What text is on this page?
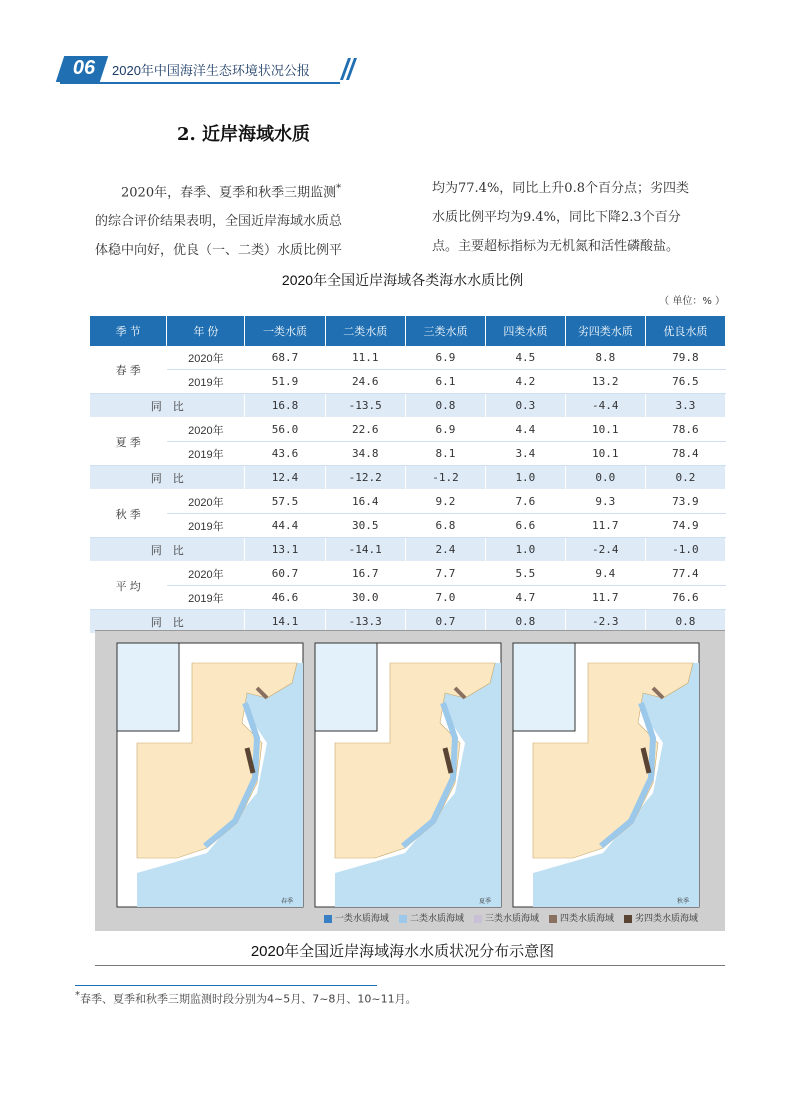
06	2020年中国海洋生态环境状况公报
2. 近岸海域水质

2020年，春季、夏季和秋季三期监测*

的综合评价结果表明，全国近岸海域水质总

体稳中向好，优良（一、二类）水质比例平

均为77.4%，同比上升0.8个百分点；劣四类

水质比例平均为9.4%，同比下降2.3个百分

点。主要超标指标为无机氮和活性磷酸盐。

2020年全国近岸海域各类海水水质比例
（ 单位：% ）
季 节	年 份	一类水质	二类水质	三类水质	四类水质	劣四类水质	优良水质
春 季	2020年	68.7	11.1	6.9	4.5	8.8	79.8
	2019年	51.9	24.6	6.1	4.2	13.2	76.5
同　比		16.8	-13.5	0.8	0.3	-4.4	3.3
夏 季	2020年	56.0	22.6	6.9	4.4	10.1	78.6
	2019年	43.6	34.8	8.1	3.4	10.1	78.4
同　比		12.4	-12.2	-1.2	1.0	0.0	0.2
秋 季	2020年	57.5	16.4	9.2	7.6	9.3	73.9
	2019年	44.4	30.5	6.8	6.6	11.7	74.9
同　比		13.1	-14.1	2.4	1.0	-2.4	-1.0
平 均	2020年	60.7	16.7	7.7	5.5	9.4	77.4
	2019年	46.6	30.0	7.0	4.7	11.7	76.6
同　比		14.1	-13.3	0.7	0.8	-2.3	0.8
春季	夏季	秋季
一类水质海域 二类水质海域 三类水质海域 四类水质海域 劣四类水质海域
2020年全国近岸海域海水水质状况分布示意图
*春季、夏季和秋季三期监测时段分别为4~5月、7~8月、10~11月。
